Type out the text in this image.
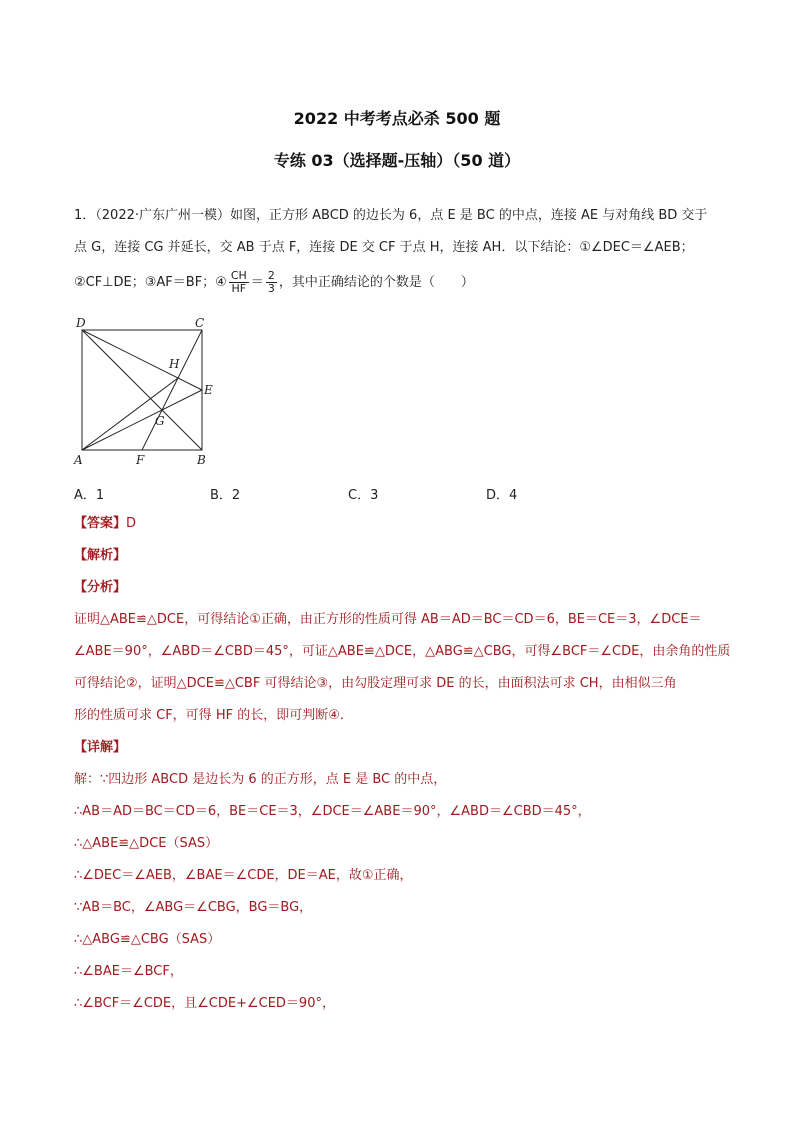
2022 中考考点必杀 500 题
专练 03（选择题-压轴）（50 道）
1．（2022·广东广州一模）如图，正方形 ABCD 的边长为 6，点 E 是 BC 的中点，连接 AE 与对角线 BD 交于
点 G，连接 CG 并延长，交 AB 于点 F，连接 DE 交 CF 于点 H，连接 AH．以下结论：①∠DEC＝∠AEB；
②CF⊥DE；③AF＝BF；④ $\frac{CH}{HF} = \frac{2}{3}$ ，其中正确结论的个数是（　　）
D	C
H
E
G
A	F	B
A．1	B．2	C．3	D．4
【答案】D
【解析】
【分析】
证明△ABE≌△DCE，可得结论①正确，由正方形的性质可得 AB＝AD＝BC＝CD＝6，BE＝CE＝3，∠DCE＝
∠ABE＝90°，∠ABD＝∠CBD＝45°，可证△ABE≌△DCE，△ABG≌△CBG，可得∠BCF＝∠CDE，由余角的性质
可得结论②，证明△DCE≌△CBF 可得结论③，由勾股定理可求 DE 的长，由面积法可求 CH，由相似三角
形的性质可求 CF，可得 HF 的长，即可判断④．
【详解】
解：∵四边形 ABCD 是边长为 6 的正方形，点 E 是 BC 的中点，
∴AB＝AD＝BC＝CD＝6，BE＝CE＝3，∠DCE＝∠ABE＝90°，∠ABD＝∠CBD＝45°，
∴△ABE≌△DCE（SAS）
∴∠DEC＝∠AEB，∠BAE＝∠CDE，DE＝AE，故①正确，
∵AB＝BC，∠ABG＝∠CBG，BG＝BG，
∴△ABG≌△CBG（SAS）
∴∠BAE＝∠BCF，
∴∠BCF＝∠CDE，且∠CDE+∠CED＝90°，
